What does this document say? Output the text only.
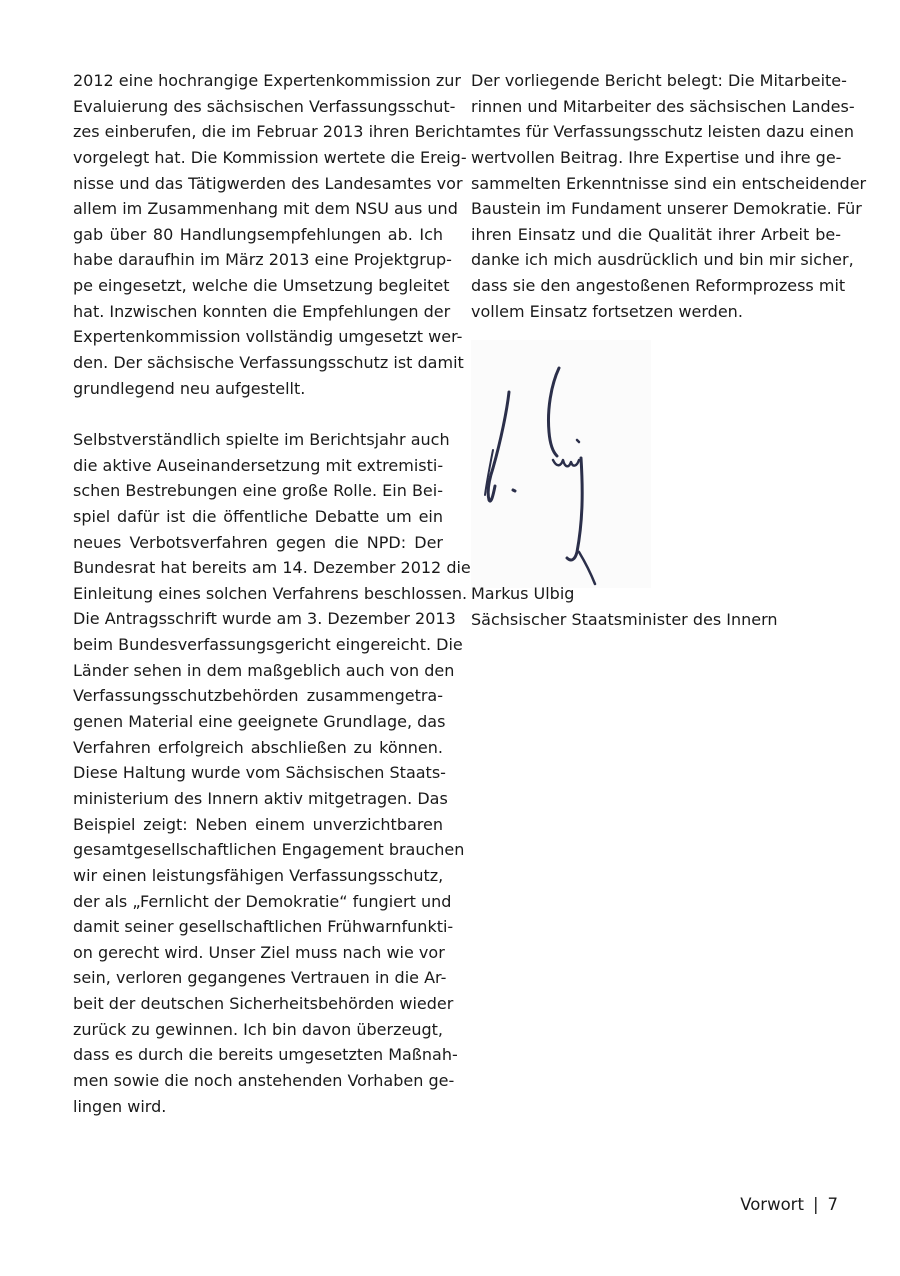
2012 eine hochrangige Expertenkommission zur
Evaluierung des sächsischen Verfassungsschut-
zes einberufen, die im Februar 2013 ihren Bericht
vorgelegt hat. Die Kommission wertete die Ereig-
nisse und das Tätigwerden des Landesamtes vor
allem im Zusammenhang mit dem NSU aus und
gab über 80 Handlungsempfehlungen ab. Ich
habe daraufhin im März 2013 eine Projektgrup-
pe eingesetzt, welche die Umsetzung begleitet
hat. Inzwischen konnten die Empfehlungen der
Expertenkommission vollständig umgesetzt wer-
den. Der sächsische Verfassungsschutz ist damit
grundlegend neu aufgestellt.
Selbstverständlich spielte im Berichtsjahr auch
die aktive Auseinandersetzung mit extremisti-
schen Bestrebungen eine große Rolle. Ein Bei-
spiel dafür ist die öffentliche Debatte um ein
neues Verbotsverfahren gegen die NPD: Der
Bundesrat hat bereits am 14. Dezember 2012 die
Einleitung eines solchen Verfahrens beschlossen.
Die Antragsschrift wurde am 3. Dezember 2013
beim Bundesverfassungsgericht eingereicht. Die
Länder sehen in dem maßgeblich auch von den
Verfassungsschutzbehörden zusammengetra-
genen Material eine geeignete Grundlage, das
Verfahren erfolgreich abschließen zu können.
Diese Haltung wurde vom Sächsischen Staats-
ministerium des Innern aktiv mitgetragen. Das
Beispiel zeigt: Neben einem unverzichtbaren
gesamtgesellschaftlichen Engagement brauchen
wir einen leistungsfähigen Verfassungsschutz,
der als „Fernlicht der Demokratie“ fungiert und
damit seiner gesellschaftlichen Frühwarnfunkti-
on gerecht wird. Unser Ziel muss nach wie vor
sein, verloren gegangenes Vertrauen in die Ar-
beit der deutschen Sicherheitsbehörden wieder
zurück zu gewinnen. Ich bin davon überzeugt,
dass es durch die bereits umgesetzten Maßnah-
men sowie die noch anstehenden Vorhaben ge-
lingen wird.
Der vorliegende Bericht belegt: Die Mitarbeite-
rinnen und Mitarbeiter des sächsischen Landes-
amtes für Verfassungsschutz leisten dazu einen
wertvollen Beitrag. Ihre Expertise und ihre ge-
sammelten Erkenntnisse sind ein entscheidender
Baustein im Fundament unserer Demokratie. Für
ihren Einsatz und die Qualität ihrer Arbeit be-
danke ich mich ausdrücklich und bin mir sicher,
dass sie den angestoßenen Reformprozess mit
vollem Einsatz fortsetzen werden.
Markus Ulbig
Sächsischer Staatsminister des Innern
Vorwort | 7
